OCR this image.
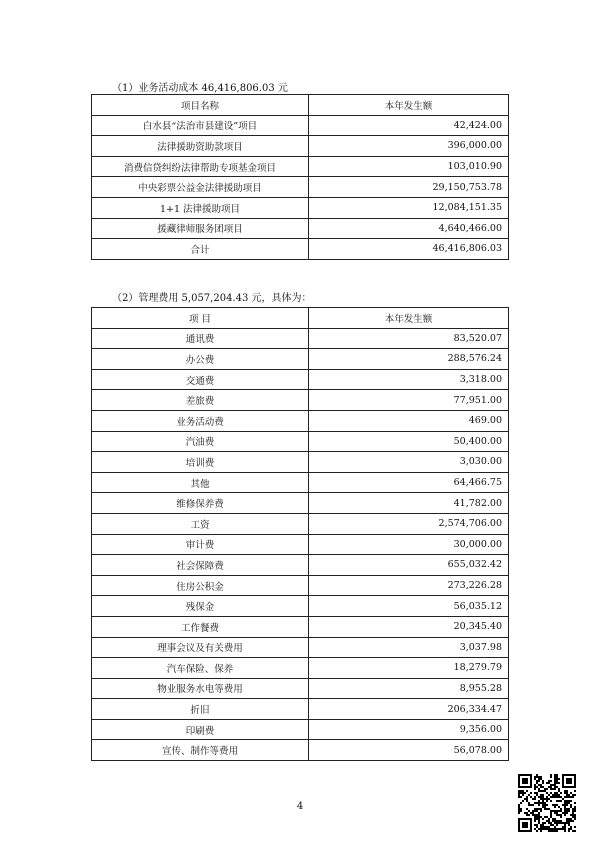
（1）业务活动成本 46,416,806.03 元
项目名称	本年发生额
白水县“法治市县建设”项目	42,424.00
法律援助资助款项目	396,000.00
消费信贷纠纷法律帮助专项基金项目	103,010.90
中央彩票公益金法律援助项目	29,150,753.78
1+1 法律援助项目	12,084,151.35
援藏律师服务团项目	4,640,466.00
合计	46,416,806.03
（2）管理费用 5,057,204.43 元，具体为：
项 目	本年发生额
通讯费	83,520.07
办公费	288,576.24
交通费	3,318.00
差旅费	77,951.00
业务活动费	469.00
汽油费	50,400.00
培训费	3,030.00
其他	64,466.75
维修保养费	41,782.00
工资	2,574,706.00
审计费	30,000.00
社会保障费	655,032.42
住房公积金	273,226.28
残保金	56,035.12
工作餐费	20,345.40
理事会议及有关费用	3,037.98
汽车保险、保养	18,279.79
物业服务水电等费用	8,955.28
折旧	206,334.47
印刷费	9,356.00
宣传、制作等费用	56,078.00
4
